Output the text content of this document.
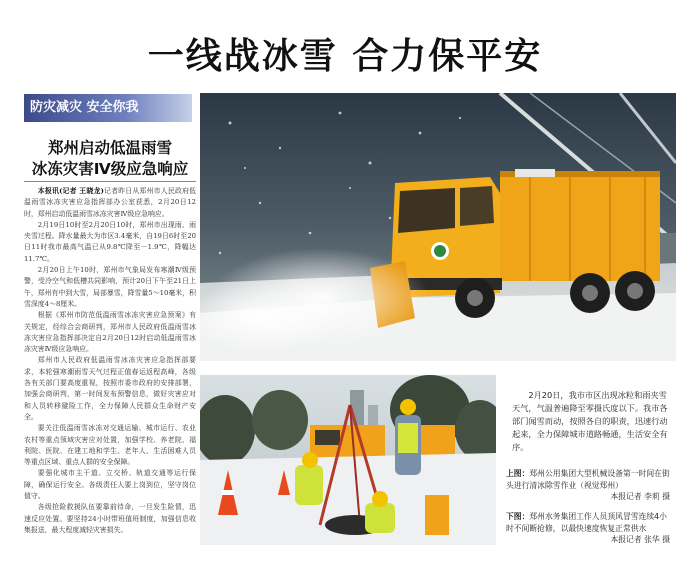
一线战冰雪 合力保平安
防灾减灾 安全你我
郑州启动低温雨雪
冰冻灾害Ⅳ级应急响应

本报讯(记者 王晓龙)记者昨日从郑州市人民政府低温雨雪冰冻灾害应急指挥部办公室获悉，2月20日12时，郑州启动低温雨雪冰冻灾害Ⅳ级应急响应。

2月19日10时至2月20日10时，郑州市出现雨、雨夹雪过程。降水量最大为市区3.4毫米，自19日6时至20日11时我市最高气温已从9.8℃降至－1.9℃，降幅达11.7℃。

2月20日上午10时，郑州市气象局发布寒潮Ⅳ级预警，受冷空气和低槽共同影响，预计20日下午至21日上午，郑州有中到大雪，局部暴雪，降雪量5～10毫米，积雪深度4～8厘米。

根据《郑州市防范低温雨雪冰冻灾害应急预案》有关规定，经综合会商研判，郑州市人民政府低温雨雪冰冻灾害应急指挥部决定自2月20日12时启动低温雨雪冰冻灾害Ⅳ级应急响应。

郑州市人民政府低温雨雪冰冻灾害应急指挥部要求，本轮强寒潮雨雪天气过程正值春运返程高峰，各级各有关部门要高度重视，按照市委市政府的安排部署，加强会商研判，第一时间发布预警信息，做好灾害应对和人员转移避险工作，全力保障人民群众生命财产安全。

要关注低温雨雪冰冻对交通运输、城市运行、农业农村等重点领域灾害应对处置，加强学校、养老院、福利院、医院、在建工地和学生、老年人、生活困难人员等重点区域、重点人群的安全保障。

要强化城市主干道、立交桥、轨道交通等运行保障，确保运行安全。各级责任人要上岗到位，坚守岗位值守。

各级抢险救援队伍要靠前待命，一旦发生险情，迅速反应处置。要坚持24小时带班值班制度，加强信息收集报送，最大程度减轻灾害损失。

2月20日，我市市区出现冰粒和雨夹雪天气，气温普遍降至零摄氏度以下。我市各部门闻雪而动，按照各自的职责，迅速行动起来，全力保障城市道路畅通，生活安全有序。

上图：郑州公用集团大型机械设备第一时间在街头进行清冰除雪作业（视觉郑州）
本报记者 李莉 摄
下图：郑州水务集团工作人员顶风冒雪连续4小时不间断抢修，以最快速度恢复正常供水
本报记者 张华 摄
